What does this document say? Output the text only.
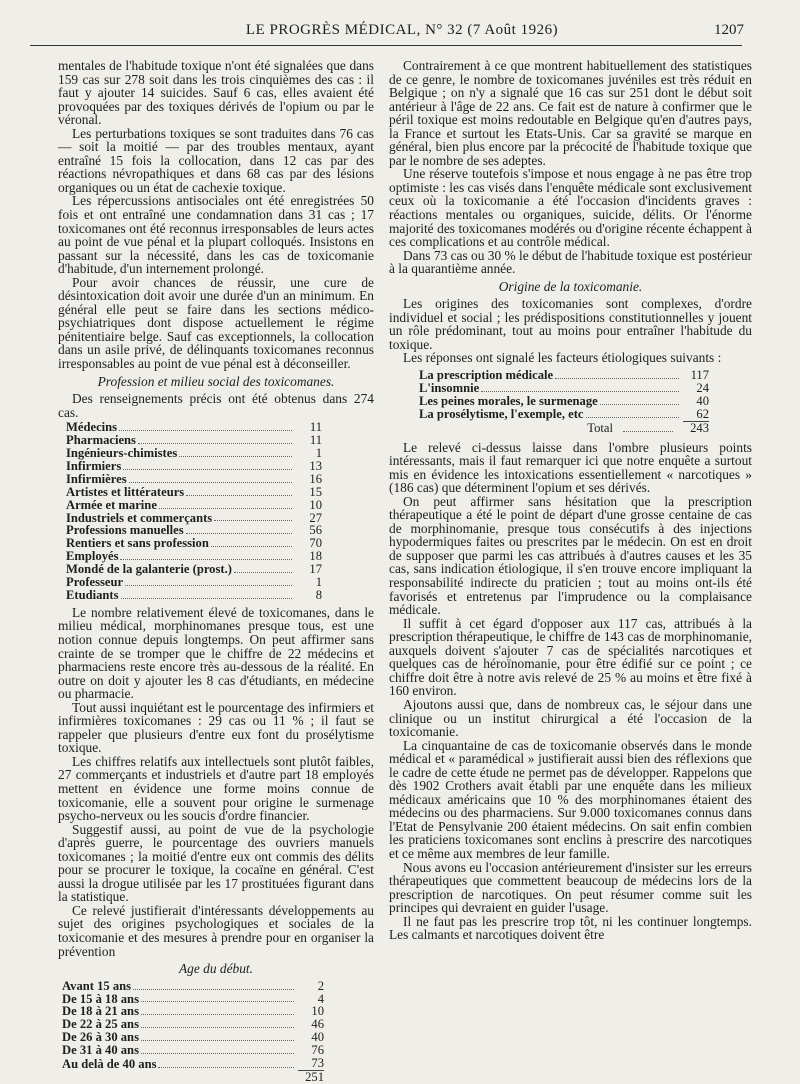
LE PROGRÈS MÉDICAL, N° 32 (7 Août 1926)	1207

mentales de l'habitude toxique n'ont été signalées que dans 159 cas sur 278 soit dans les trois cinquièmes des cas : il faut y ajouter 14 suicides. Sauf 6 cas, elles avaient été provoquées par des toxiques dérivés de l'opium ou par le véronal.

Les perturbations toxiques se sont traduites dans 76 cas — soit la moitié — par des troubles mentaux, ayant entraîné 15 fois la collocation, dans 12 cas par des réactions névropathiques et dans 68 cas par des lésions organiques ou un état de cachexie toxique.

Les répercussions antisociales ont été enregistrées 50 fois et ont entraîné une condamnation dans 31 cas ; 17 toxicomanes ont été reconnus irresponsables de leurs actes au point de vue pénal et la plupart colloqués. Insistons en passant sur la nécessité, dans les cas de toxicomanie d'habitude, d'un internement prolongé.

Pour avoir chances de réussir, une cure de désintoxication doit avoir une durée d'un an minimum. En général elle peut se faire dans les sections médico-psychiatriques dont dispose actuellement le régime pénitentiaire belge. Sauf cas exceptionnels, la collocation dans un asile privé, de délinquants toxicomanes reconnus irresponsables au point de vue pénal est à déconseiller.

Profession et milieu social des toxicomanes.

Des renseignements précis ont été obtenus dans 274 cas.

Médecins	11

Pharmaciens	11

Ingénieurs-chimistes	1

Infirmiers	13

Infirmières	16

Artistes et littérateurs	15

Armée et marine	10

Industriels et commerçants	27

Professions manuelles	56

Rentiers et sans profession	70

Employés	18

Mondé de la galanterie (prost.)	17

Professeur	1

Etudiants	8

Le nombre relativement élevé de toxicomanes, dans le milieu médical, morphinomanes presque tous, est une notion connue depuis longtemps. On peut affirmer sans crainte de se tromper que le chiffre de 22 médecins et pharmaciens reste encore très au-dessous de la réalité. En outre on doit y ajouter les 8 cas d'étudiants, en médecine ou pharmacie.

Tout aussi inquiétant est le pourcentage des infirmiers et infirmières toxicomanes : 29 cas ou 11 % ; il faut se rappeler que plusieurs d'entre eux font du prosélytisme toxique.

Les chiffres relatifs aux intellectuels sont plutôt faibles, 27 commerçants et industriels et d'autre part 18 employés mettent en évidence une forme moins connue de toxicomanie, elle a souvent pour origine le surmenage psycho-nerveux ou les soucis d'ordre financier.

Suggestif aussi, au point de vue de la psychologie d'après guerre, le pourcentage des ouvriers manuels toxicomanes ; la moitié d'entre eux ont commis des délits pour se procurer le toxique, la cocaïne en général. C'est aussi la drogue utilisée par les 17 prostituées figurant dans la statistique.

Ce relevé justifierait d'intéressants développements au sujet des origines psychologiques et sociales de la toxicomanie et des mesures à prendre pour en organiser la prévention

Age du début.

Avant 15 ans	2

De 15 à 18 ans	4

De 18 à 21 ans	10

De 22 à 25 ans	46

De 26 à 30 ans	40

De 31 à 40 ans	76

Au delà de 40 ans	73
	251

Contrairement à ce que montrent habituellement des statistiques de ce genre, le nombre de toxicomanes juvéniles est très réduit en Belgique ; on n'y a signalé que 16 cas sur 251 dont le début soit antérieur à l'âge de 22 ans. Ce fait est de nature à confirmer que le péril toxique est moins redoutable en Belgique qu'en d'autres pays, la France et surtout les Etats-Unis. Car sa gravité se marque en général, bien plus encore par la précocité de l'habitude toxique que par le nombre de ses adeptes.

Une réserve toutefois s'impose et nous engage à ne pas être trop optimiste : les cas visés dans l'enquête médicale sont exclusivement ceux où la toxicomanie a été l'occasion d'incidents graves : réactions mentales ou organiques, suicide, délits. Or l'énorme majorité des toxicomanes modérés ou d'origine récente échappent à ces complications et au contrôle médical.

Dans 73 cas ou 30 % le début de l'habitude toxique est postérieur à la quarantième année.

Origine de la toxicomanie.

Les origines des toxicomanies sont complexes, d'ordre individuel et social ; les prédispositions constitutionnelles y jouent un rôle prédominant, tout au moins pour entraîner l'habitude du toxique.

Les réponses ont signalé les facteurs étiologiques suivants :

La prescription médicale	117

L'insomnie	24

Les peines morales, le surmenage	40

La prosélytisme, l'exemple, etc	62

Total	243

Le relevé ci-dessus laisse dans l'ombre plusieurs points intéressants, mais il faut remarquer ici que notre enquête a surtout mis en évidence les intoxications essentiellement « narcotiques » (186 cas) que déterminent l'opium et ses dérivés.

On peut affirmer sans hésitation que la prescription thérapeutique a été le point de départ d'une grosse centaine de cas de morphinomanie, presque tous consécutifs à des injections hypodermiques faites ou prescrites par le médecin. On est en droit de supposer que parmi les cas attribués à d'autres causes et les 35 cas, sans indication étiologique, il s'en trouve encore impliquant la responsabilité indirecte du praticien ; tout au moins ont-ils été favorisés et entretenus par l'imprudence ou la complaisance médicale.

Il suffit à cet égard d'opposer aux 117 cas, attribués à la prescription thérapeutique, le chiffre de 143 cas de morphinomanie, auxquels doivent s'ajouter 7 cas de spécialités narcotiques et quelques cas de héroïnomanie, pour être édifié sur ce point ; ce chiffre doit être à notre avis relevé de 25 % au moins et être fixé à 160 environ.

Ajoutons aussi que, dans de nombreux cas, le séjour dans une clinique ou un institut chirurgical a été l'occasion de la toxicomanie.

La cinquantaine de cas de toxicomanie observés dans le monde médical et « paramédical » justifierait aussi bien des réflexions que le cadre de cette étude ne permet pas de développer. Rappelons que dès 1902 Crothers avait établi par une enquête dans les milieux médicaux américains que 10 % des morphinomanes étaient des médecins ou des pharmaciens. Sur 9.000 toxicomanes connus dans l'Etat de Pensylvanie 200 étaient médecins. On sait enfin combien les praticiens toxicomanes sont enclins à prescrire des narcotiques et ce même aux membres de leur famille.

Nous avons eu l'occasion antérieurement d'insister sur les erreurs thérapeutiques que commettent beaucoup de médecins lors de la prescription de narcotiques. On peut résumer comme suit les principes qui devraient en guider l'usage.

Il ne faut pas les prescrire trop tôt, ni les continuer longtemps. Les calmants et narcotiques doivent être
